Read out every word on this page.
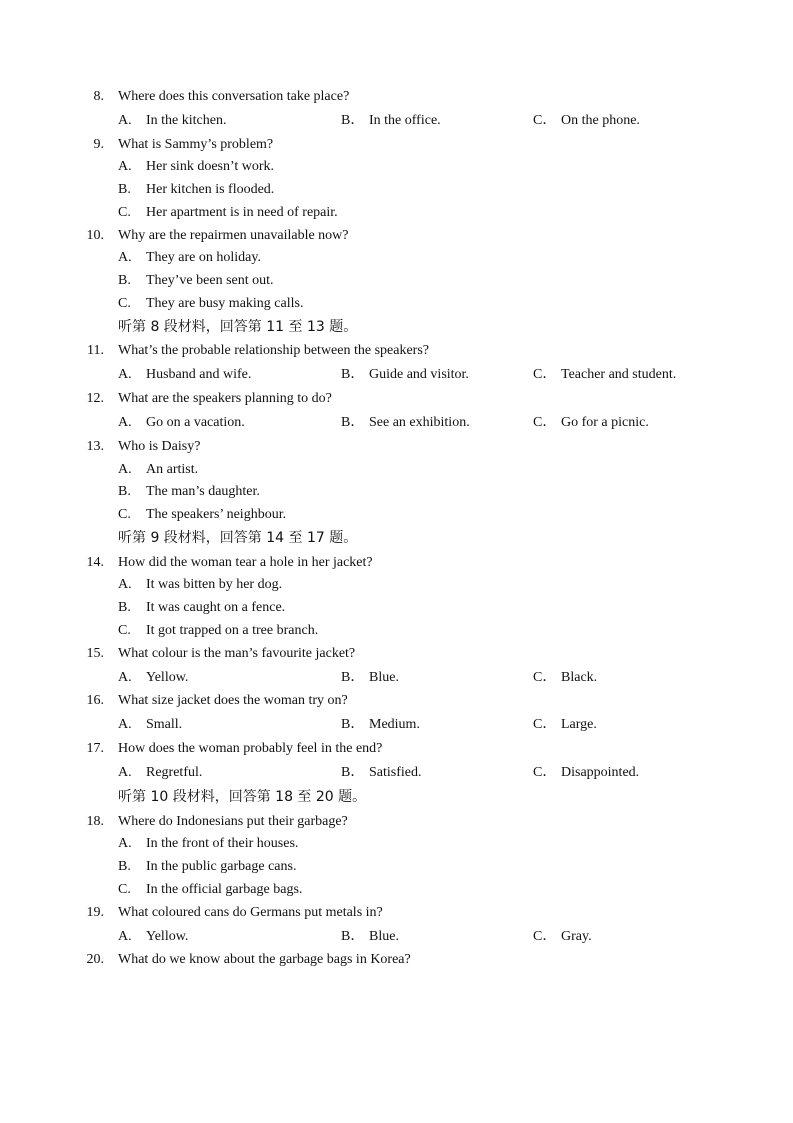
8. Where does this conversation take place?
A. In the kitchen.	B． In the office.	C． On the phone.
9. What is Sammy’s problem?
A. Her sink doesn’t work.
B. Her kitchen is flooded.
C. Her apartment is in need of repair.
10. Why are the repairmen unavailable now?
A. They are on holiday.
B. They’ve been sent out.
C. They are busy making calls.
听第 8 段材料，回答第 11 至 13 题。
11. What’s the probable relationship between the speakers?
A. Husband and wife.	B． Guide and visitor.	C． Teacher and student.
12. What are the speakers planning to do?
A. Go on a vacation.	B． See an exhibition.	C． Go for a picnic.
13. Who is Daisy?
A. An artist.
B. The man’s daughter.
C. The speakers’ neighbour.
听第 9 段材料，回答第 14 至 17 题。
14. How did the woman tear a hole in her jacket?
A. It was bitten by her dog.
B. It was caught on a fence.
C. It got trapped on a tree branch.
15. What colour is the man’s favourite jacket?
A. Yellow.	B． Blue.	C． Black.
16. What size jacket does the woman try on?
A. Small.	B． Medium.	C． Large.
17. How does the woman probably feel in the end?
A. Regretful.	B． Satisfied.	C． Disappointed.
听第 10 段材料，回答第 18 至 20 题。
18. Where do Indonesians put their garbage?
A. In the front of their houses.
B. In the public garbage cans.
C. In the official garbage bags.
19. What coloured cans do Germans put metals in?
A. Yellow.	B． Blue.	C． Gray.
20. What do we know about the garbage bags in Korea?
